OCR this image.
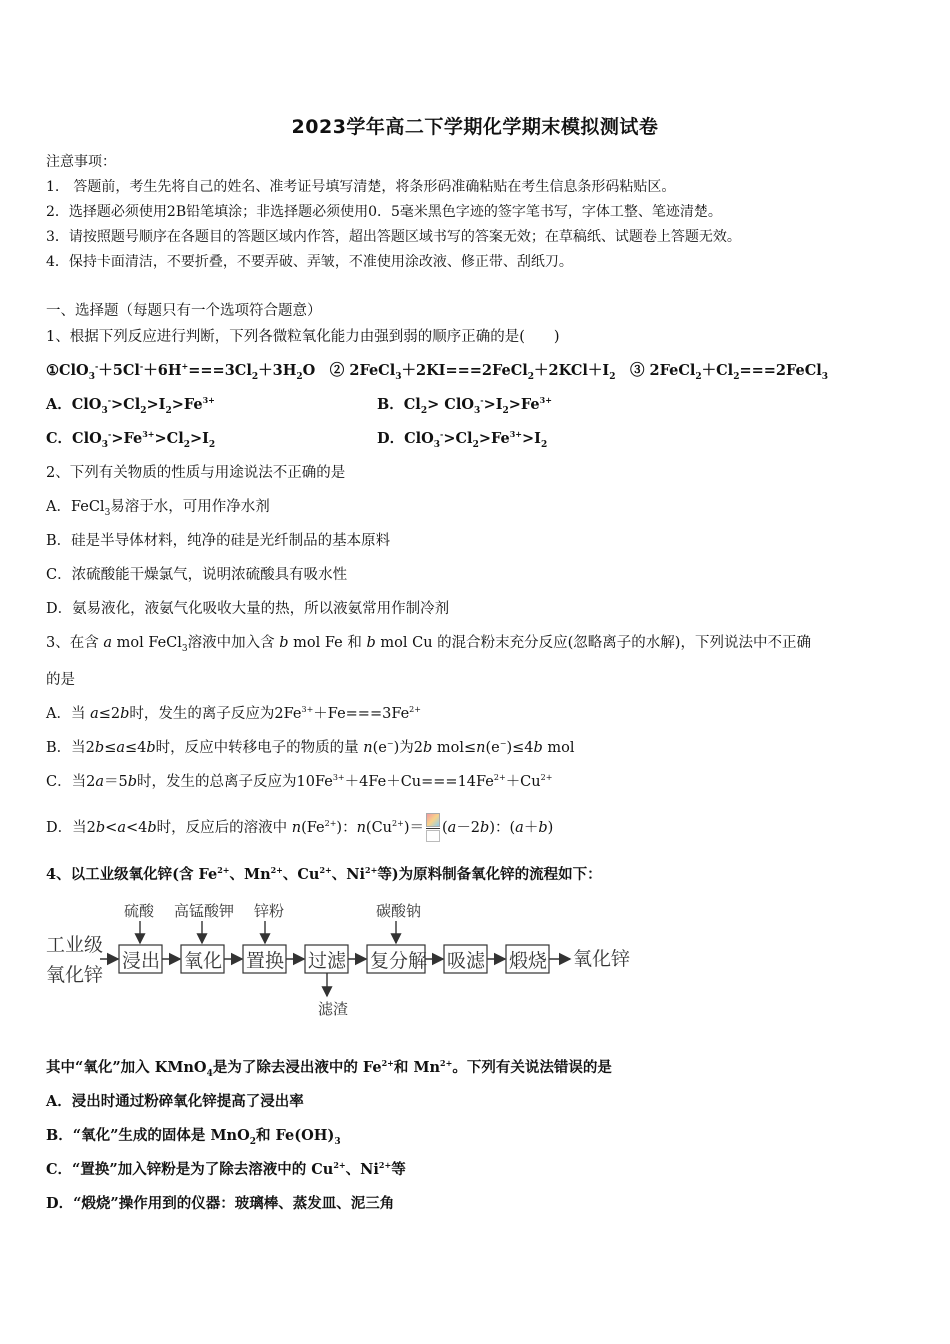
2023学年高二下学期化学期末模拟测试卷
注意事项：
1.　答题前，考生先将自己的姓名、准考证号填写清楚，将条形码准确粘贴在考生信息条形码粘贴区。
2．选择题必须使用2B铅笔填涂；非选择题必须使用0．5毫米黑色字迹的签字笔书写，字体工整、笔迹清楚。
3．请按照题号顺序在各题目的答题区域内作答，超出答题区域书写的答案无效；在草稿纸、试题卷上答题无效。
4．保持卡面清洁，不要折叠，不要弄破、弄皱，不准使用涂改液、修正带、刮纸刀。
一、选择题（每题只有一个选项符合题意）
1、根据下列反应进行判断，下列各微粒氧化能力由强到弱的顺序正确的是(　　)
$①ClO_3^-+5Cl^-+6H^+===3Cl_2+3H_2O$　② $2FeCl_3+2KI===2FeCl_2+2KCl+I_2$　③ $2FeCl_2+Cl_2===2FeCl_3$
A．$ClO_3^->Cl_2>I_2>Fe^{3+}$	B．$Cl_2> ClO_3^->I_2>Fe^{3+}$
C．$ClO_3^->Fe^{3+}>Cl_2>I_2$	D．$ClO_3^->Cl_2>Fe^{3+}>I_2$
2、下列有关物质的性质与用途说法不正确的是
A．FeCl$_3$易溶于水，可用作净水剂
B．硅是半导体材料，纯净的硅是光纤制品的基本原料
C．浓硫酸能干燥氯气，说明浓硫酸具有吸水性
D．氨易液化，液氨气化吸收大量的热，所以液氨常用作制冷剂
3、在含 a mol FeCl$_3$溶液中加入含 b mol Fe 和 b mol Cu 的混合粉末充分反应(忽略离子的水解)，下列说法中不正确
的是
A．当 a≤2b时，发生的离子反应为$2Fe^{3+}+Fe===3Fe^{2+}$
B．当2b≤a≤4b时，反应中转移电子的物质的量 n(e−)为2b mol≤n(e−)≤4b mol
C．当2a＝5b时，发生的总离子反应为$10Fe^{3+}+4Fe+Cu===14Fe^{2+}+Cu^{2+}$
D．当2b<a<4b时，反应后的溶液中 $n(Fe^{2+})$：$n(Cu^{2+})= (a-2b)$：(a＋b)
4、以工业级氧化锌(含 $Fe^{2+}$、$Mn^{2+}$、$Cu^{2+}$、$Ni^{2+}$等)为原料制备氧化锌的流程如下：
工业级
氧化锌
浸出 氧化 置换 过滤 复分解 吸滤 煅烧 氧化锌
硫酸 高锰酸钾 锌粉	碳酸钠
滤渣
其中“氧化”加入 KMnO$_4$是为了除去浸出液中的 $Fe^{2+}$和 $Mn^{2+}$。下列有关说法错误的是
A．浸出时通过粉碎氧化锌提高了浸出率
B．“氧化”生成的固体是 MnO$_2$和 $Fe(OH)_3$
C．“置换”加入锌粉是为了除去溶液中的 $Cu^{2+}$、$Ni^{2+}$等
D．“煅烧”操作用到的仪器：玻璃棒、蒸发皿、泥三角
